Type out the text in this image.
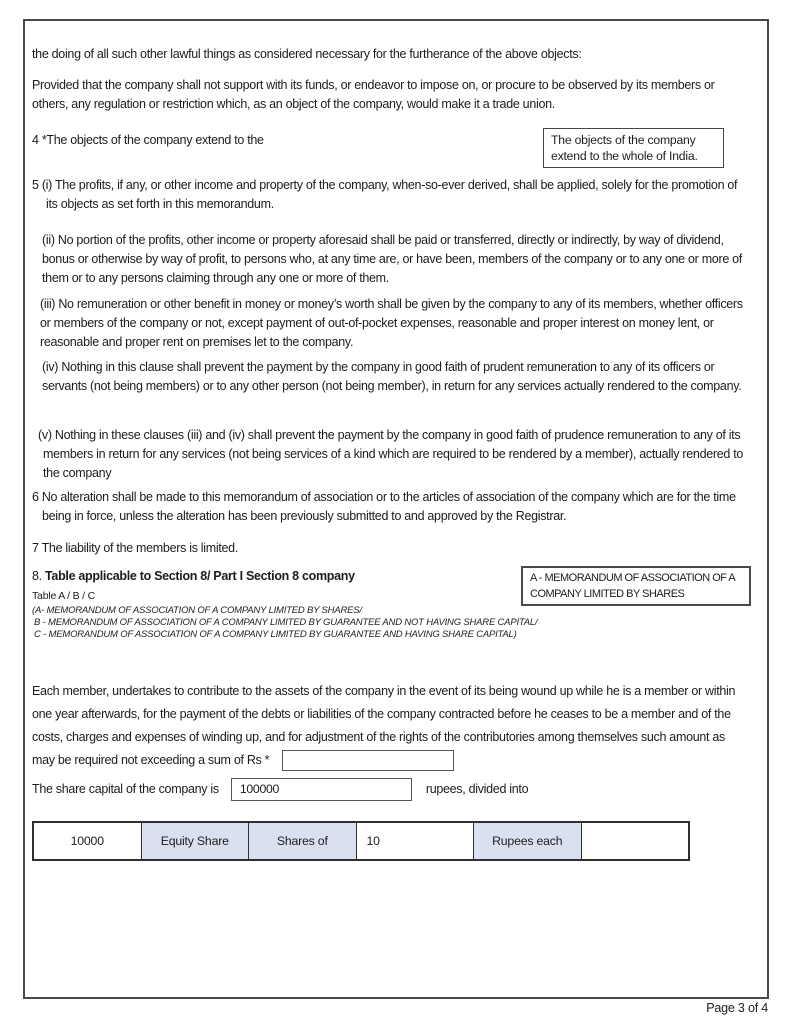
the doing of all such other lawful things as considered necessary for the furtherance of the above objects:
Provided that the company shall not support with its funds, or endeavor to impose on, or procure to be observed by its members or others, any regulation or restriction which, as an object of the company, would make it a trade union.
4 *The objects of the company extend to the	The objects of the company extend to the whole of India.
5 (i) The profits, if any, or other income and property of the company, when-so-ever derived, shall be applied, solely for the promotion of its objects as set forth in this memorandum.
(ii) No portion of the profits, other income or property aforesaid shall be paid or transferred, directly or indirectly, by way of dividend, bonus or otherwise by way of profit, to persons who, at any time are, or have been, members of the company or to any one or more of them or to any persons claiming through any one or more of them.
(iii) No remuneration or other benefit in money or money’s worth shall be given by the company to any of its members, whether officers or members of the company or not, except payment of out-of-pocket expenses, reasonable and proper interest on money lent, or reasonable and proper rent on premises let to the company.
(iv) Nothing in this clause shall prevent the payment by the company in good faith of prudent remuneration to any of its officers or servants (not being members) or to any other person (not being member), in return for any services actually rendered to the company.
(v) Nothing in these clauses (iii) and (iv) shall prevent the payment by the company in good faith of prudence remuneration to any of its members in return for any services (not being services of a kind which are required to be rendered by a member), actually rendered to the company
6 No alteration shall be made to this memorandum of association or to the articles of association of the company which are for the time being in force, unless the alteration has been previously submitted to and approved by the Registrar.
7 The liability of the members is limited.
8. Table applicable to Section 8/ Part I Section 8 company
Table A / B / C
(A- MEMORANDUM OF ASSOCIATION OF A COMPANY LIMITED BY SHARES/
B - MEMORANDUM OF ASSOCIATION OF A COMPANY LIMITED BY GUARANTEE AND NOT HAVING SHARE CAPITAL/
C - MEMORANDUM OF ASSOCIATION OF A COMPANY LIMITED BY GUARANTEE AND HAVING SHARE CAPITAL)
A - MEMORANDUM OF ASSOCIATION OF A COMPANY LIMITED BY SHARES
Each member, undertakes to contribute to the assets of the company in the event of its being wound up while he is a member or within one year afterwards, for the payment of the debts or liabilities of the company contracted before he ceases to be a member and of the costs, charges and expenses of winding up, and for adjustment of the rights of the contributories among themselves such amount as may be required not exceeding a sum of Rs *
The share capital of the company is	100000	rupees, divided into
10000	Equity Share	Shares of	10	Rupees each
Page 3 of 4
